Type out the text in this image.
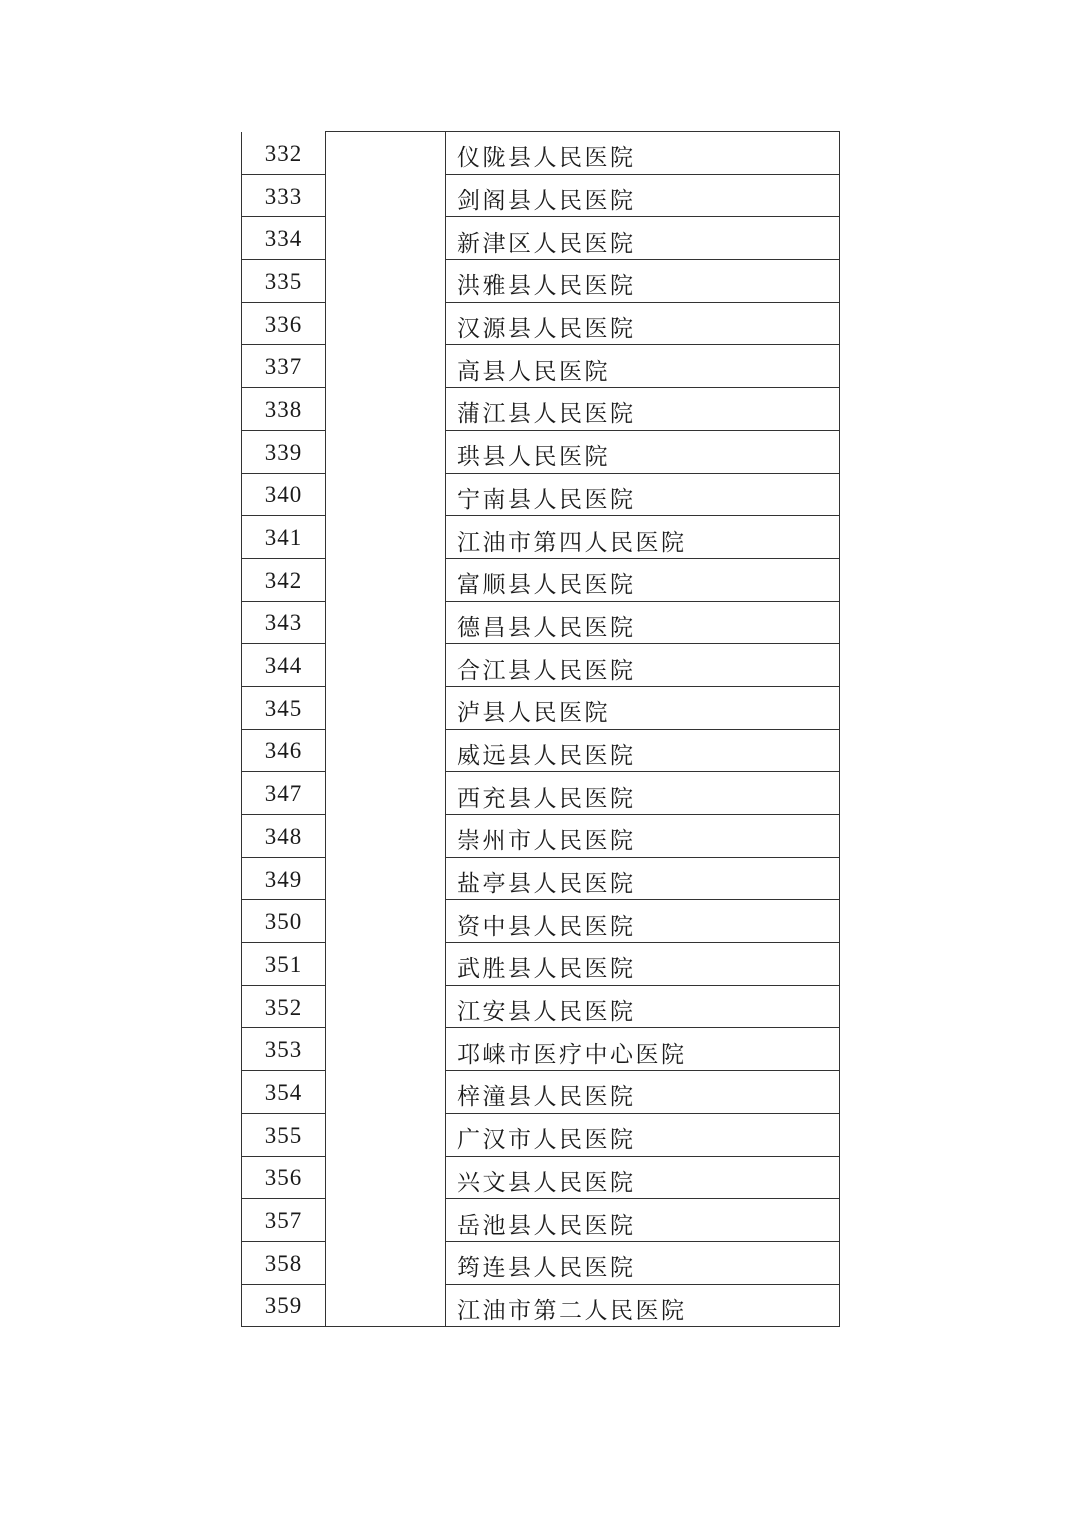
332		仪陇县人民医院
333		剑阁县人民医院
334		新津区人民医院
335		洪雅县人民医院
336		汉源县人民医院
337		高县人民医院
338		蒲江县人民医院
339		珙县人民医院
340		宁南县人民医院
341		江油市第四人民医院
342		富顺县人民医院
343		德昌县人民医院
344		合江县人民医院
345		泸县人民医院
346		威远县人民医院
347		西充县人民医院
348		崇州市人民医院
349		盐亭县人民医院
350		资中县人民医院
351		武胜县人民医院
352		江安县人民医院
353		邛崃市医疗中心医院
354		梓潼县人民医院
355		广汉市人民医院
356		兴文县人民医院
357		岳池县人民医院
358		筠连县人民医院
359		江油市第二人民医院
